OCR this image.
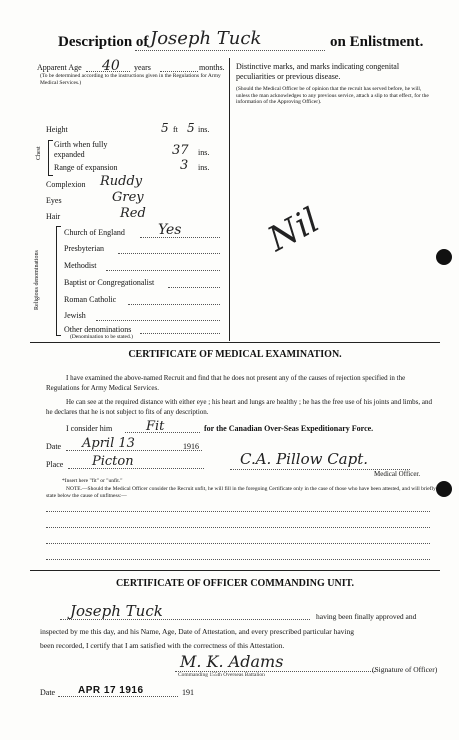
Description of Joseph Tuck	on Enlistment.
Apparent Age 40 years	months.
(To be determined according to the instructions given in the Regulations for Army Medical Services.)
Height	5 ft 5 ins.
Chest
Girth when fully expanded	37 ins.
Range of expansion	3 ins.
Complexion Ruddy
Eyes	Grey
Hair	Red
Religious denominations
Church of England Yes
Presbyterian
Methodist
Baptist or Congregationalist
Roman Catholic
Jewish
Other denominations
(Denomination to be stated.)
Distinctive marks, and marks indicating congenital peculiarities or previous disease.
(Should the Medical Officer be of opinion that the recruit has served before, he will, unless the man acknowledges to any previous service, attach a slip to that effect, for the information of the Approving Officer).
Nil
CERTIFICATE OF MEDICAL EXAMINATION.
I have examined the above-named Recruit and find that he does not present any of the causes of rejection specified in the Regulations for Army Medical Services.
He can see at the required distance with either eye ; his heart and lungs are healthy ; he has the free use of his joints and limbs, and he declares that he is not subject to fits of any description.
I consider him	Fit	for the Canadian Over-Seas Expeditionary Force.
Date April 13	1916
Place Picton	C.A. Pillow Capt.
Medical Officer.
*Insert here "fit" or "unfit."
NOTE.—Should the Medical Officer consider the Recruit unfit, he will fill in the foregoing Certificate only in the case of those who have been attested, and will briefly state below the cause of unfitness:—
CERTIFICATE OF OFFICER COMMANDING UNIT.
Joseph Tuck	having been finally approved and
inspected by me this day, and his Name, Age, Date of Attestation, and every prescribed particular having
been recorded, I certify that I am satisfied with the correctness of this Attestation.
M. K. Adams
Commanding 155th Overseas Battalion
(Signature of Officer)
Date APR 17 1916	191
